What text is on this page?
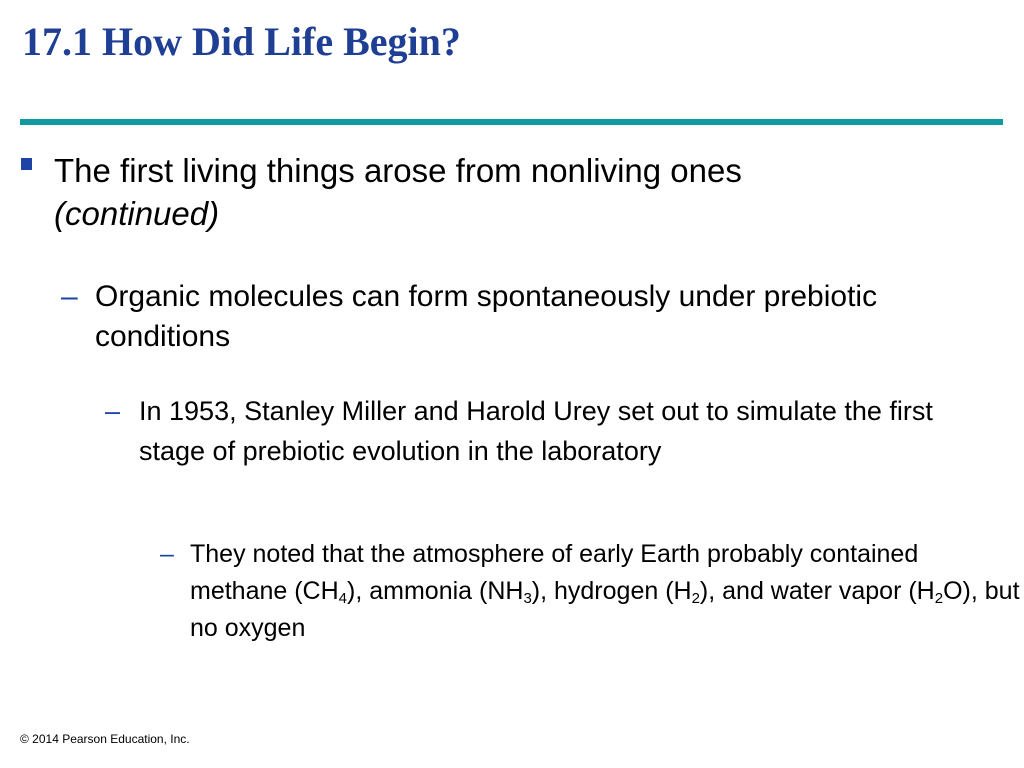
17.1 How Did Life Begin?

The first living things arose from nonliving ones
(continued)

– Organic molecules can form spontaneously under prebiotic conditions

– In 1953, Stanley Miller and Harold Urey set out to simulate the first stage of prebiotic evolution in the laboratory

– They noted that the atmosphere of early Earth probably contained methane $(CH_4)$, ammonia $(NH_3)$, hydrogen $(H_2)$, and water vapor $(H_2O)$, but no oxygen

© 2014 Pearson Education, Inc.
